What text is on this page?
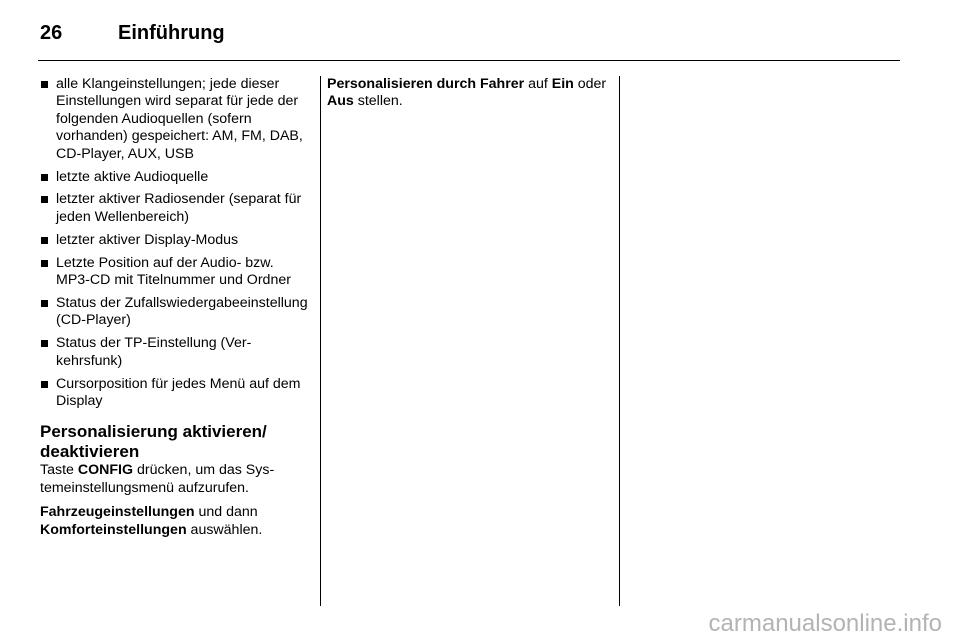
26	Einführung
alle Klangeinstellungen; jede dieser Einstellungen wird separat für jede der folgenden Audioquellen (sofern vorhanden) gespeichert: AM, FM, DAB, CD-Player, AUX, USB
letzte aktive Audioquelle
letzter aktiver Radiosender (separat für jeden Wellenbereich)
letzter aktiver Display-Modus
Letzte Position auf der Audio- bzw. MP3-CD mit Titelnummer und Ordner
Status der Zufallswiedergabeeinstellung (CD-Player)
Status der TP-Einstellung (Verkehrsfunk)
Cursorposition für jedes Menü auf dem Display
Personalisierung aktivieren/ deaktivieren

Taste CONFIG drücken, um das Systemeinstellungsmenü aufzurufen.

Fahrzeugeinstellungen und dann Komforteinstellungen auswählen.

Personalisieren durch Fahrer auf Ein oder Aus stellen.

carmanualsonline.info
